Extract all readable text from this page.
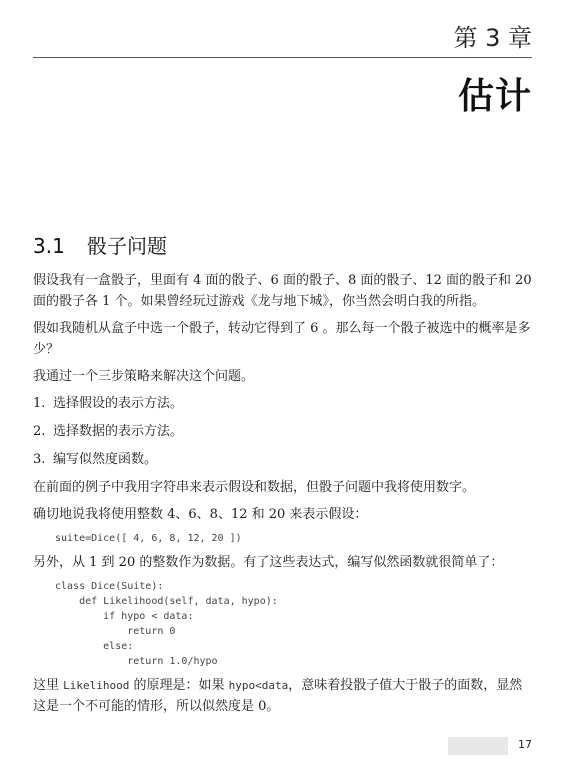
第 3 章
估计
3.1 骰子问题

假设我有一盒骰子，里面有 4 面的骰子、6 面的骰子、8 面的骰子、12 面的骰子和 20 面的骰子各 1 个。如果曾经玩过游戏《龙与地下城》，你当然会明白我的所指。

假如我随机从盒子中选一个骰子，转动它得到了 6 。那么每一个骰子被选中的概率是多少？

我通过一个三步策略来解决这个问题。

1. 选择假设的表示方法。
2. 选择数据的表示方法。
3. 编写似然度函数。

在前面的例子中我用字符串来表示假设和数据，但骰子问题中我将使用数字。

确切地说我将使用整数 4、6、8、12 和 20 来表示假设：

suite=Dice([ 4, 6, 8, 12, 20 ])

另外，从 1 到 20 的整数作为数据。有了这些表达式，编写似然函数就很简单了：

class Dice(Suite):
def Likelihood(self, data, hypo):
if hypo < data:
return 0
else:
return 1.0/hypo

这里 Likelihood 的原理是：如果 hypo<data，意味着投骰子值大于骰子的面数，显然这是一个不可能的情形，所以似然度是 0。

17
